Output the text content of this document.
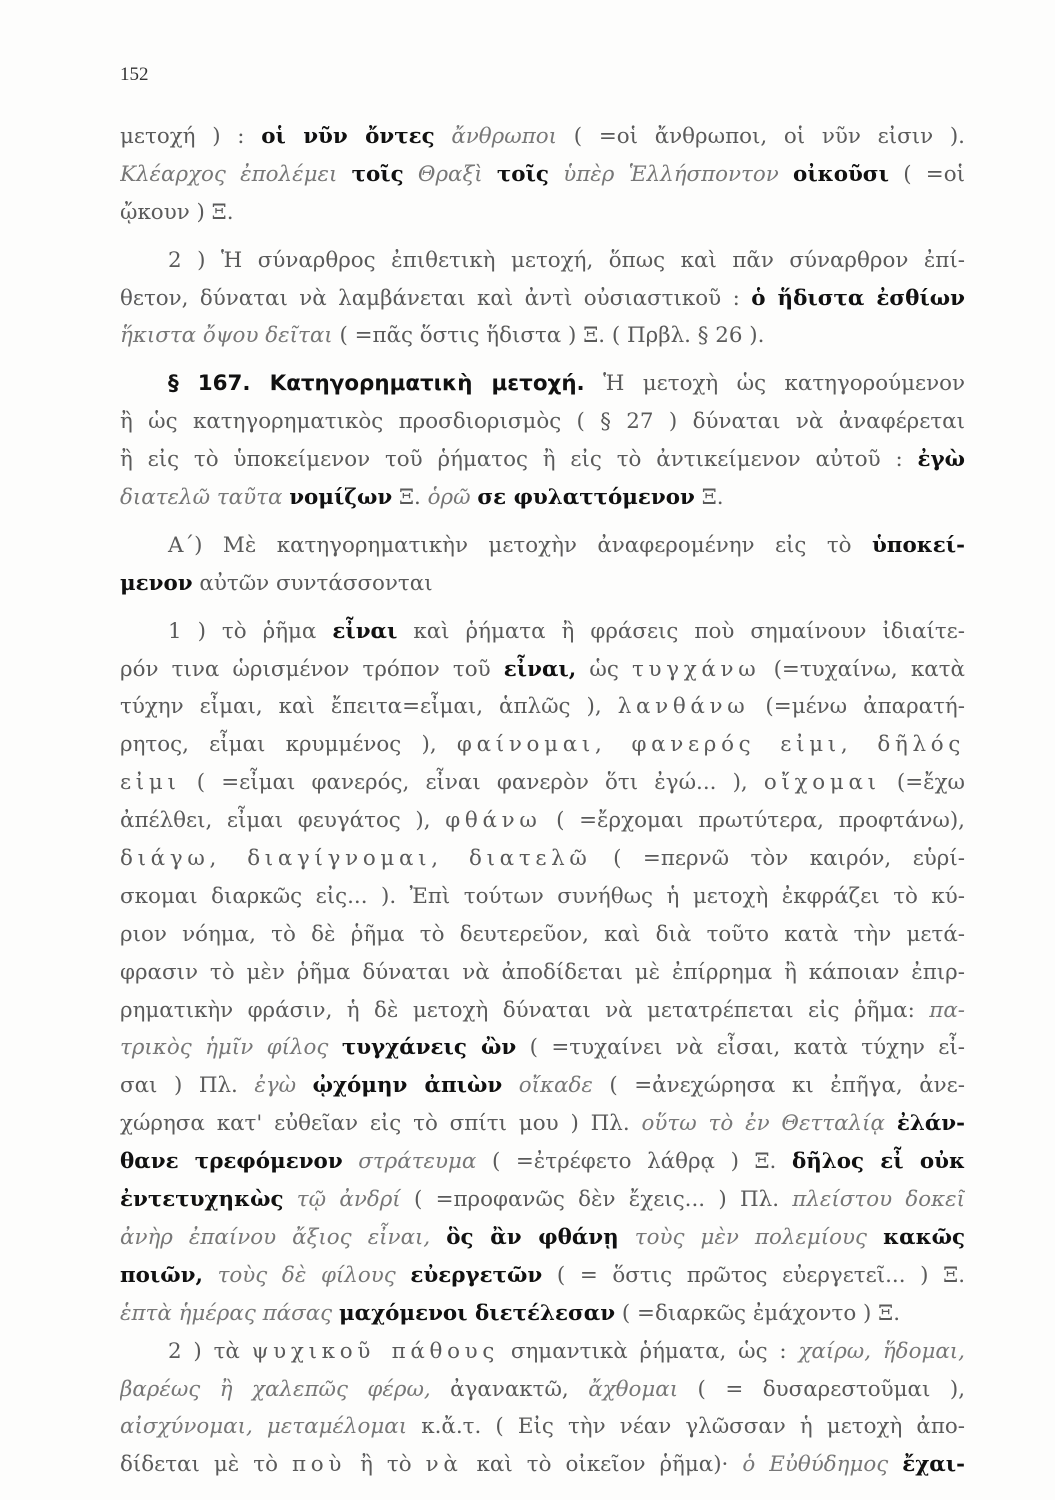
152
μετοχή ) : οἱ νῦν ὄντες ἄνθρωποι ( =οἱ ἄνθρωποι, οἱ νῦν εἰσιν ).
Κλέαρχος ἐπολέμει τοῖς Θραξὶ τοῖς ὑπὲρ Ἑλλήσποντον οἰκοῦσι ( =οἱ
ᾤκουν ) Ξ.
2 ) Ἡ σύναρθρος ἐπιθετικὴ μετοχή, ὅπως καὶ πᾶν σύναρθρον ἐπί-
θετον, δύναται νὰ λαμβάνεται καὶ ἀντὶ οὐσιαστικοῦ : ὁ ἥδιστα ἐσθίων
ἥκιστα ὄψου δεῖται ( =πᾶς ὅστις ἥδιστα ) Ξ. ( Πρβλ. § 26 ).
§ 167. Κατηγορηματικὴ μετοχή. Ἡ μετοχὴ ὡς κατηγορούμενον
ἢ ὡς κατηγορηματικὸς προσδιορισμὸς ( § 27 ) δύναται νὰ ἀναφέρεται
ἢ εἰς τὸ ὑποκείμενον τοῦ ῥήματος ἢ εἰς τὸ ἀντικείμενον αὐτοῦ : ἐγὼ
διατελῶ ταῦτα νομίζων Ξ. ὁρῶ σε φυλαττόμενον Ξ.
Α΄) Μὲ κατηγορηματικὴν μετοχὴν ἀναφερομένην εἰς τὸ ὑποκεί-
μενον αὐτῶν συντάσσονται
1 ) τὸ ῥῆμα εἶναι καὶ ῥήματα ἢ φράσεις ποὺ σημαίνουν ἰδιαίτε-
ρόν τινα ὡρισμένον τρόπον τοῦ εἶναι, ὡς τυγχάνω (=τυχαίνω, κατὰ
τύχην εἶμαι, καὶ ἔπειτα=εἶμαι, ἁπλῶς ), λανθάνω (=μένω ἀπαρατή-
ρητος, εἶμαι κρυμμένος ), φαίνομαι, φανερός εἰμι, δῆλός
εἰμι ( =εἶμαι φανερός, εἶναι φανερὸν ὅτι ἐγώ... ), οἴχομαι (=ἔχω
ἀπέλθει, εἶμαι φευγάτος ), φθάνω ( =ἔρχομαι πρωτύτερα, προφτάνω),
διάγω, διαγίγνομαι, διατελῶ ( =περνῶ τὸν καιρόν, εὑρί-
σκομαι διαρκῶς εἰς... ). Ἐπὶ τούτων συνήθως ἡ μετοχὴ ἐκφράζει τὸ κύ-
ριον νόημα, τὸ δὲ ῥῆμα τὸ δευτερεῦον, καὶ διὰ τοῦτο κατὰ τὴν μετά-
φρασιν τὸ μὲν ῥῆμα δύναται νὰ ἀποδίδεται μὲ ἐπίρρημα ἢ κάποιαν ἐπιρ-
ρηματικὴν φράσιν, ἡ δὲ μετοχὴ δύναται νὰ μετατρέπεται εἰς ῥῆμα: πα-
τρικὸς ἡμῖν φίλος τυγχάνεις ὢν ( =τυχαίνει νὰ εἶσαι, κατὰ τύχην εἶ-
σαι ) Πλ. ἐγὼ ᾠχόμην ἀπιὼν οἴκαδε ( =ἀνεχώρησα κι ἐπῆγα, ἀνε-
χώρησα κατ' εὐθεῖαν εἰς τὸ σπίτι μου ) Πλ. οὕτω τὸ ἐν Θετταλίᾳ ἐλάν-
θανε τρεφόμενον στράτευμα ( =ἐτρέφετο λάθρᾳ ) Ξ. δῆλος εἶ οὐκ
ἐντετυχηκὼς τῷ ἀνδρί ( =προφανῶς δὲν ἔχεις... ) Πλ. πλείστου δοκεῖ
ἀνὴρ ἐπαίνου ἄξιος εἶναι, ὃς ἂν φθάνῃ τοὺς μὲν πολεμίους κακῶς
ποιῶν, τοὺς δὲ φίλους εὐεργετῶν ( = ὅστις πρῶτος εὐεργετεῖ... ) Ξ.
ἑπτὰ ἡμέρας πάσας μαχόμενοι διετέλεσαν ( =διαρκῶς ἐμάχοντο ) Ξ.
2 ) τὰ ψυχικοῦ πάθους σημαντικὰ ῥήματα, ὡς : χαίρω, ἥδομαι,
βαρέως ἢ χαλεπῶς φέρω, ἀγανακτῶ, ἄχθομαι ( = δυσαρεστοῦμαι ),
αἰσχύνομαι, μεταμέλομαι κ.ἄ.τ. ( Εἰς τὴν νέαν γλῶσσαν ἡ μετοχὴ ἀπο-
δίδεται μὲ τὸ ποὺ ἢ τὸ νὰ καὶ τὸ οἰκεῖον ῥῆμα)· ὁ Εὐθύδημος ἔχαι-
